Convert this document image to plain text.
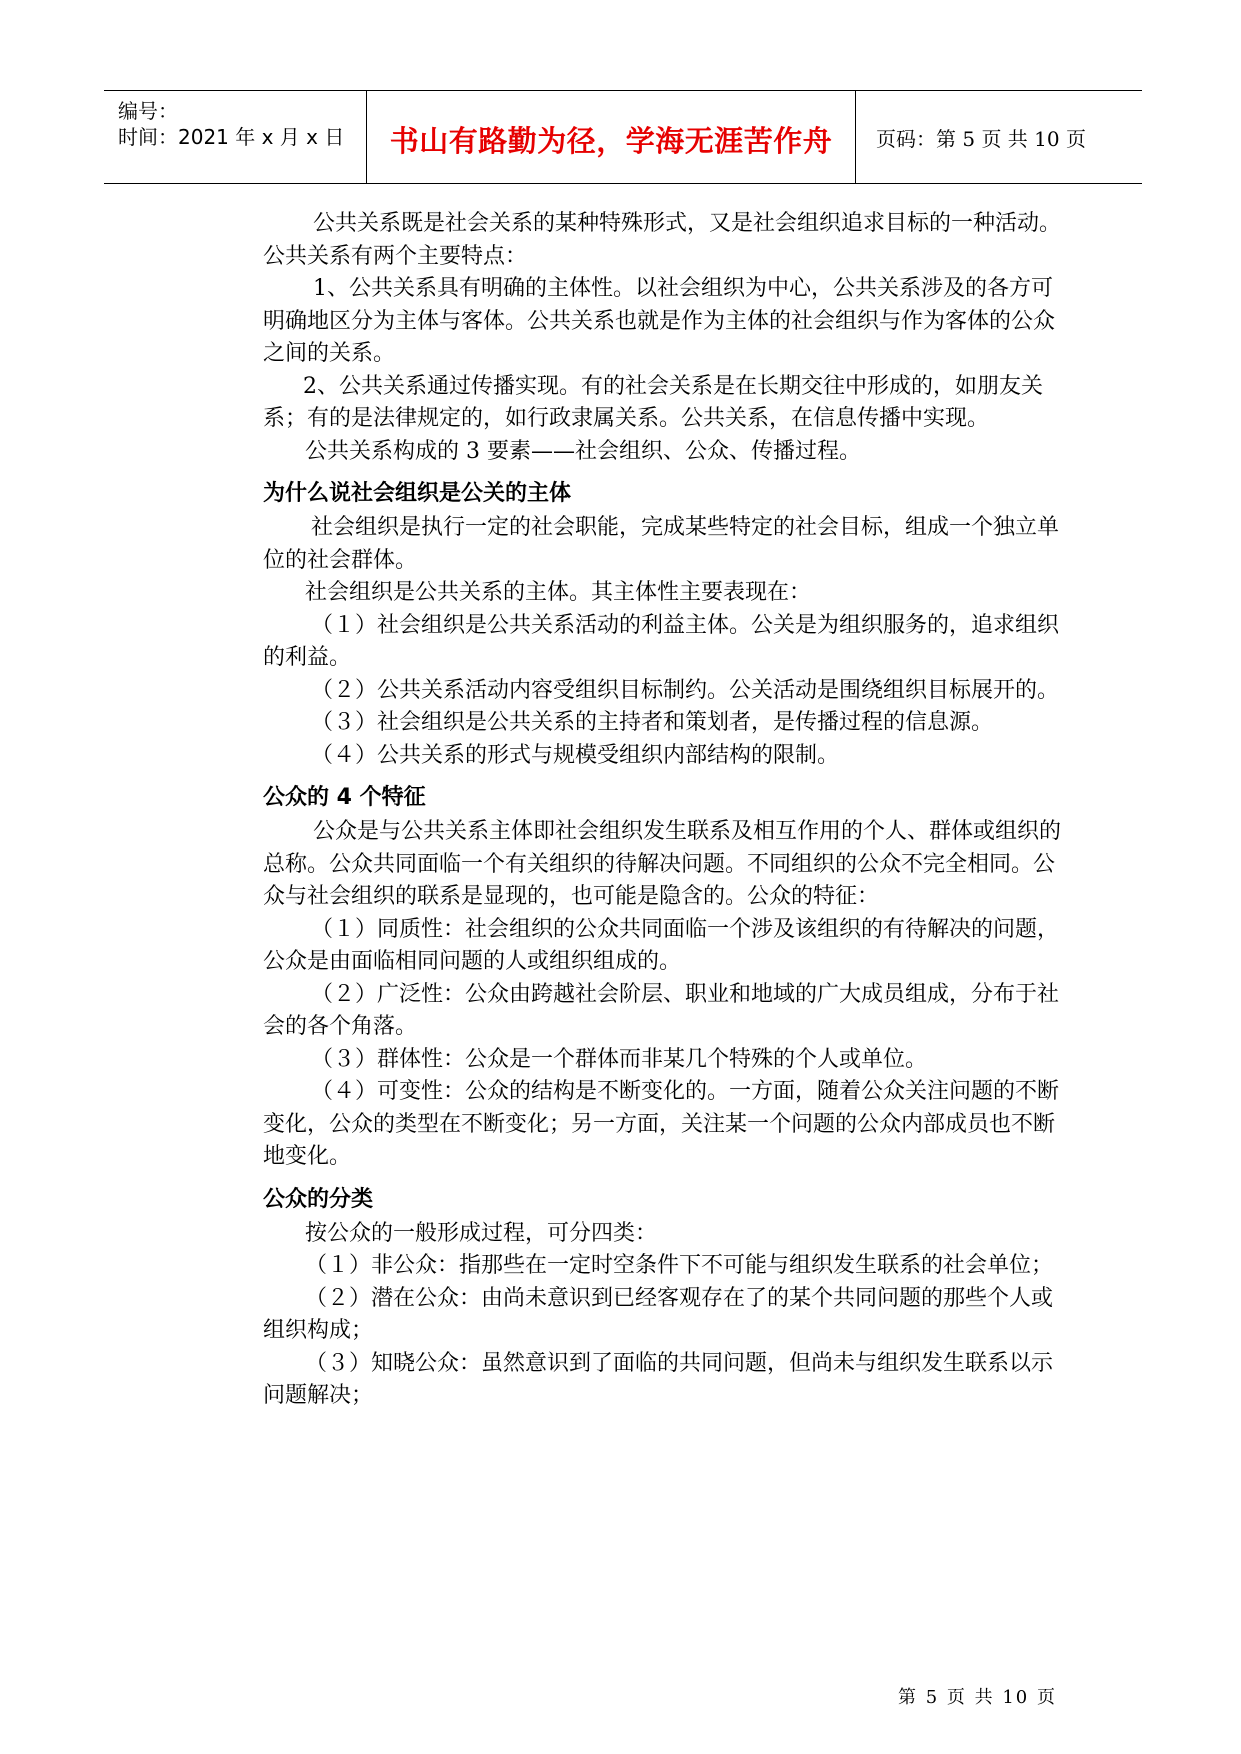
编号：
时间：2021 年 x 月 x 日	书山有路勤为径，学海无涯苦作舟	页码：第 5 页 共 10 页
公共关系既是社会关系的某种特殊形式，又是社会组织追求目标的一种活动。公共关系有两个主要特点：
1、公共关系具有明确的主体性。以社会组织为中心，公共关系涉及的各方可明确地区分为主体与客体。公共关系也就是作为主体的社会组织与作为客体的公众之间的关系。
2、公共关系通过传播实现。有的社会关系是在长期交往中形成的，如朋友关系；有的是法律规定的，如行政隶属关系。公共关系，在信息传播中实现。
公共关系构成的 3 要素——社会组织、公众、传播过程。
为什么说社会组织是公关的主体
社会组织是执行一定的社会职能，完成某些特定的社会目标，组成一个独立单位的社会群体。
社会组织是公共关系的主体。其主体性主要表现在：
（１）社会组织是公共关系活动的利益主体。公关是为组织服务的，追求组织的利益。
（２）公共关系活动内容受组织目标制约。公关活动是围绕组织目标展开的。
（３）社会组织是公共关系的主持者和策划者，是传播过程的信息源。
（４）公共关系的形式与规模受组织内部结构的限制。
公众的 4 个特征
公众是与公共关系主体即社会组织发生联系及相互作用的个人、群体或组织的总称。公众共同面临一个有关组织的待解决问题。不同组织的公众不完全相同。公众与社会组织的联系是显现的，也可能是隐含的。公众的特征：
（１）同质性：社会组织的公众共同面临一个涉及该组织的有待解决的问题，公众是由面临相同问题的人或组织组成的。
（２）广泛性：公众由跨越社会阶层、职业和地域的广大成员组成，分布于社会的各个角落。
（３）群体性：公众是一个群体而非某几个特殊的个人或单位。
（４）可变性：公众的结构是不断变化的。一方面，随着公众关注问题的不断变化，公众的类型在不断变化；另一方面，关注某一个问题的公众内部成员也不断地变化。
公众的分类
按公众的一般形成过程，可分四类：
（１）非公众：指那些在一定时空条件下不可能与组织发生联系的社会单位；
（２）潜在公众：由尚未意识到已经客观存在了的某个共同问题的那些个人或组织构成；
（３）知晓公众：虽然意识到了面临的共同问题，但尚未与组织发生联系以示问题解决；
第 5 页 共 10 页
